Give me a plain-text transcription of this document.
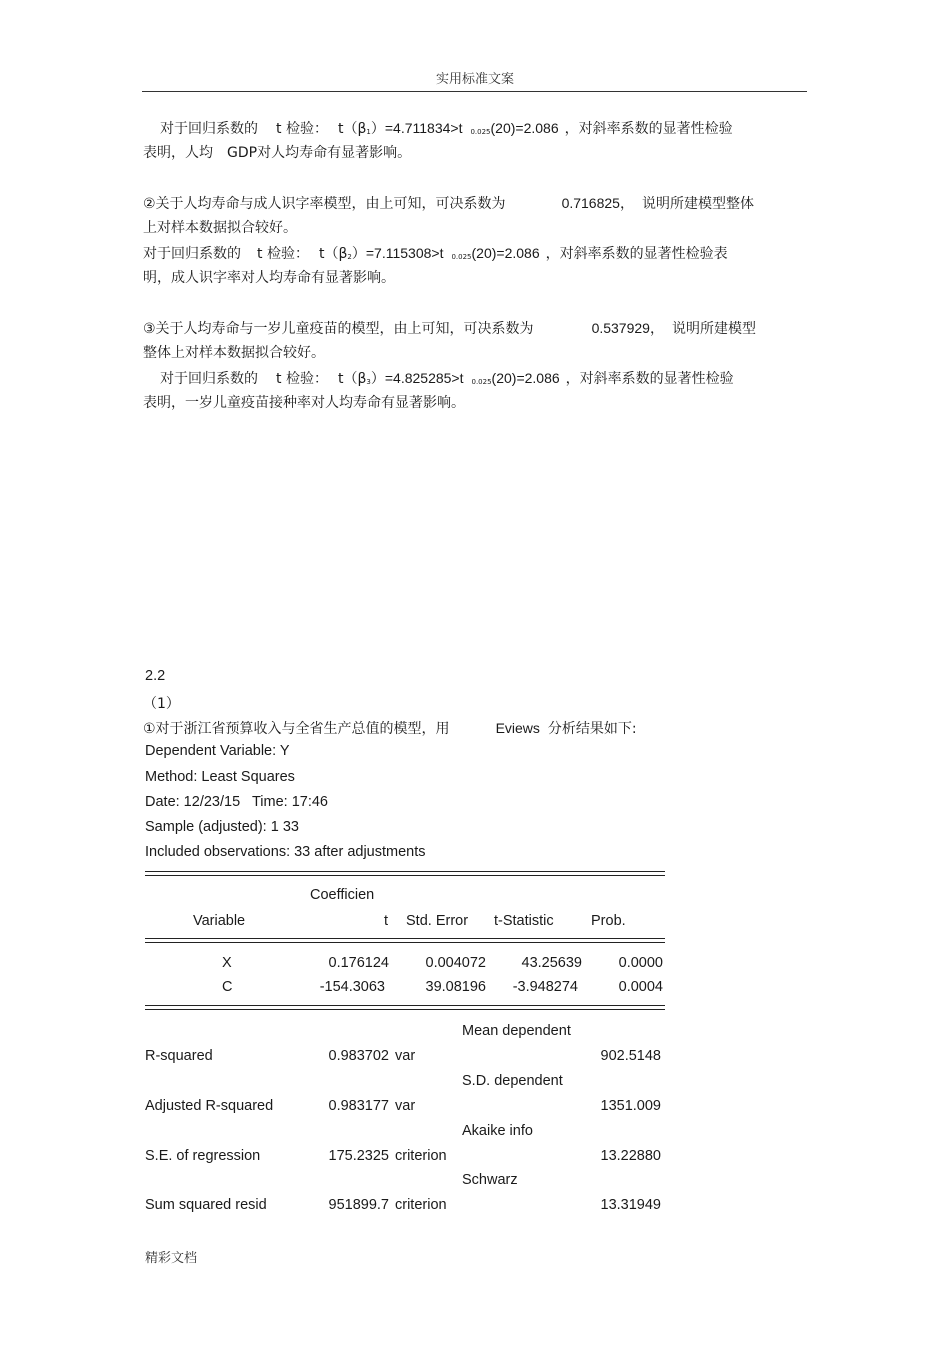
实用标准文案
对于回归系数的 t 检验： t（β1）=4.711834>t 0.025(20)=2.086 ，对斜率系数的显著性检验
表明，人均 GDP对人均寿命有显著影响。
②关于人均寿命与成人识字率模型，由上可知，可决系数为	0.716825， 说明所建模型整体
上对样本数据拟合较好。
对于回归系数的 t 检验： t（β2）=7.115308>t 0.025(20)=2.086 ，对斜率系数的显著性检验表
明，成人识字率对人均寿命有显著影响。
③关于人均寿命与一岁儿童疫苗的模型，由上可知，可决系数为	0.537929， 说明所建模型
整体上对样本数据拟合较好。
对于回归系数的 t 检验： t（β3）=4.825285>t 0.025(20)=2.086 ，对斜率系数的显著性检验
表明，一岁儿童疫苗接种率对人均寿命有显著影响。
2.2
（1）
①对于浙江省预算收入与全省生产总值的模型，用	Eviews 分析结果如下:
Dependent Variable: Y
Method: Least Squares
Date: 12/23/15   Time: 17:46
Sample (adjusted): 1 33
Included observations: 33 after adjustments
Coefficien
Variable	t Std. Error t-Statistic	Prob.
X	0.176124	0.004072	43.25639	0.0000
C	-154.3063	39.08196	-3.948274	0.0004
Mean dependent
R-squared	0.983702 var	902.5148
S.D. dependent
Adjusted R-squared	0.983177 var	1351.009
Akaike info
S.E. of regression	175.2325 criterion	13.22880
Schwarz
Sum squared resid	951899.7 criterion	13.31949
精彩文档
